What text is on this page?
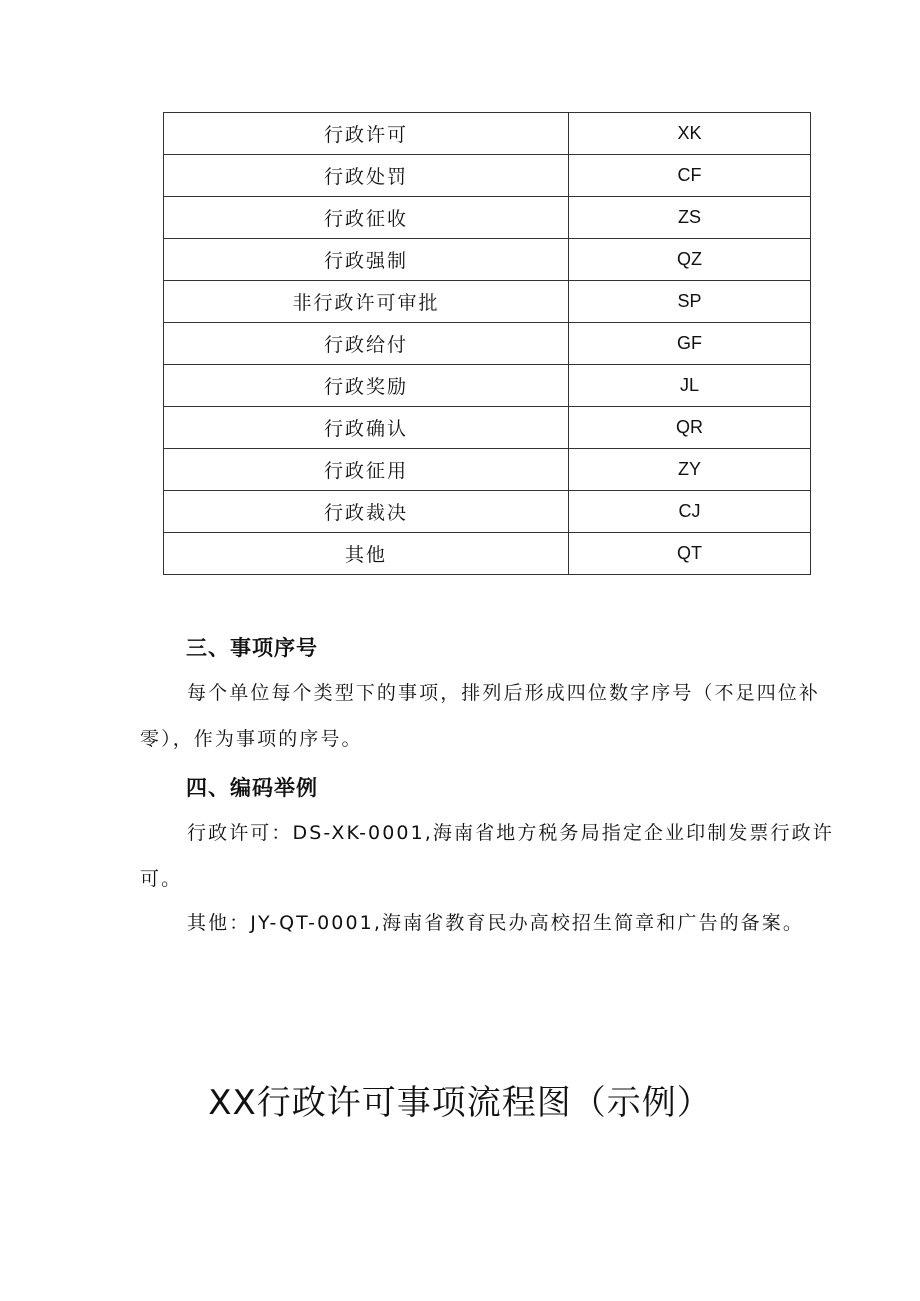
行政许可	XK
行政处罚	CF
行政征收	ZS
行政强制	QZ
非行政许可审批	SP
行政给付	GF
行政奖励	JL
行政确认	QR
行政征用	ZY
行政裁决	CJ
其他	QT
三、事项序号

每个单位每个类型下的事项，排列后形成四位数字序号（不足四位补零），作为事项的序号。

四、编码举例

行政许可：DS-XK-0001,海南省地方税务局指定企业印制发票行政许可。

其他：JY-QT-0001,海南省教育民办高校招生简章和广告的备案。

XX行政许可事项流程图（示例）
